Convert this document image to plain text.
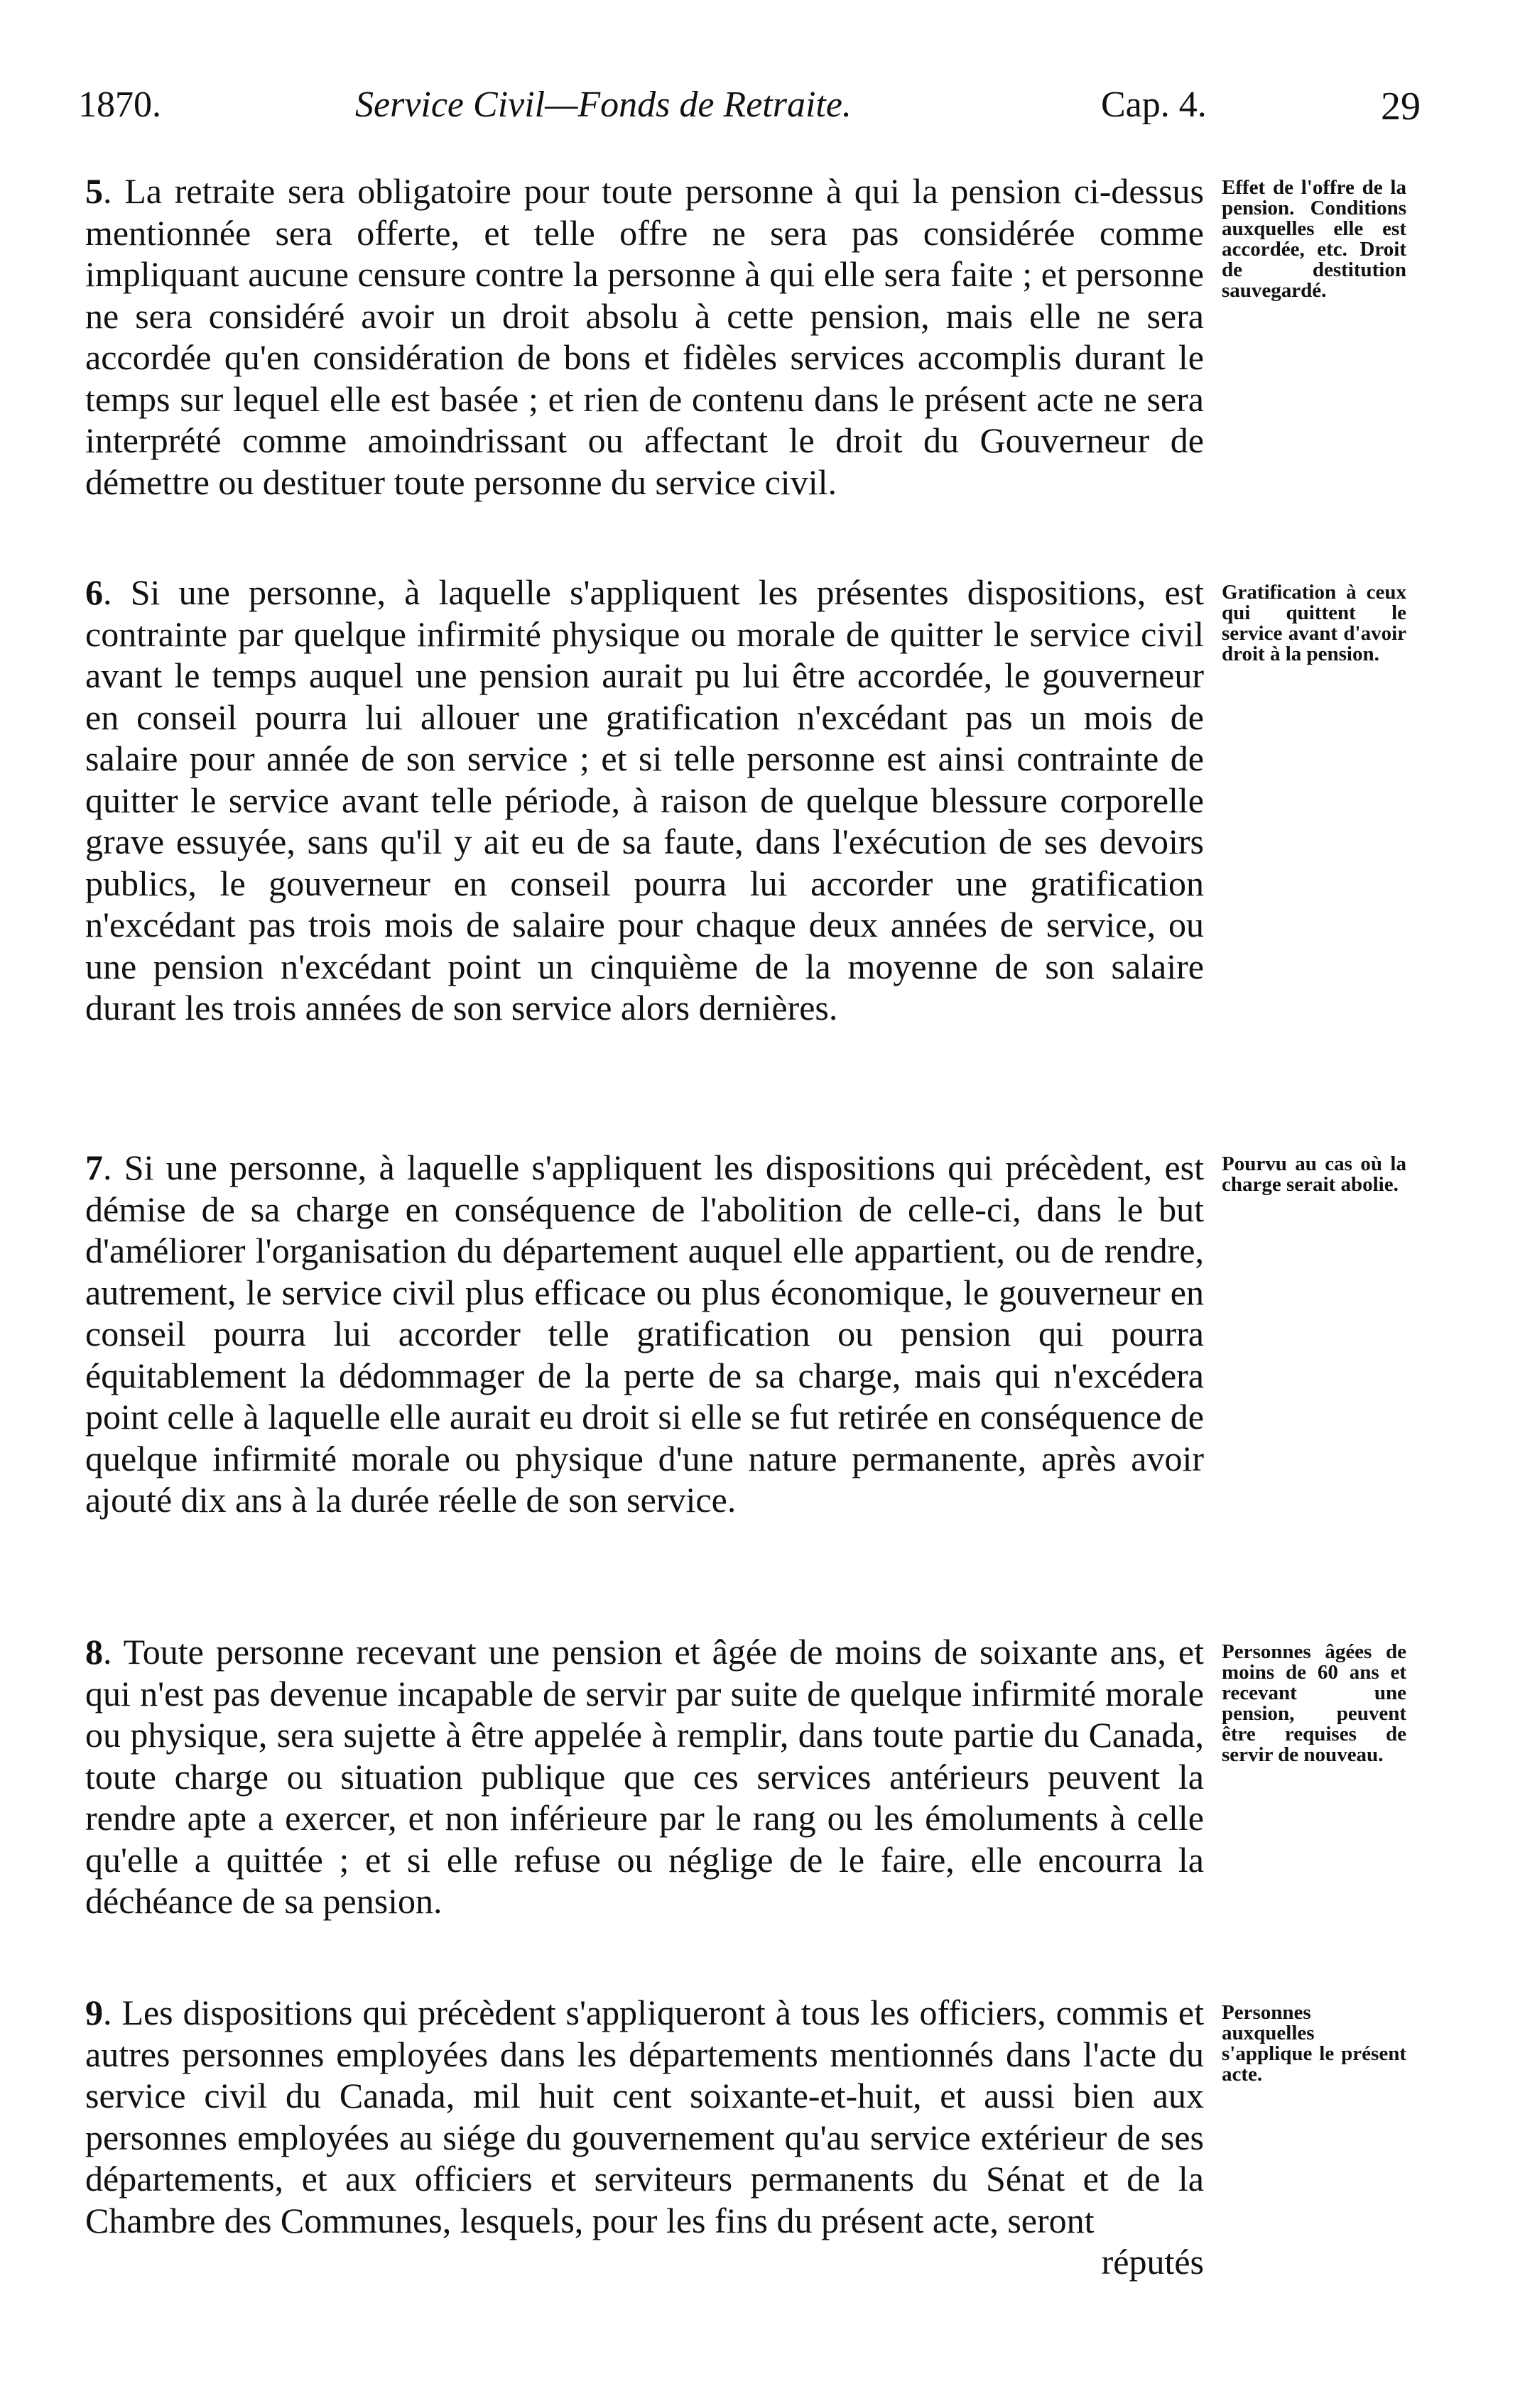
1870.	Service Civil—Fonds de Retraite.	Cap. 4.	29
5. La retraite sera obligatoire pour toute personne à qui la pension ci-dessus mentionnée sera offerte, et telle offre ne sera pas considérée comme impliquant aucune censure contre la personne à qui elle sera faite ; et personne ne sera considéré avoir un droit absolu à cette pension, mais elle ne sera accordée qu'en considération de bons et fidèles services accomplis durant le temps sur lequel elle est basée ; et rien de contenu dans le présent acte ne sera interprété comme amoindrissant ou affectant le droit du Gouverneur de démettre ou destituer toute personne du service civil.
Effet de l'offre de la pension. Conditions auxquelles elle est accordée, etc. Droit de destitution sauvegardé.
6. Si une personne, à laquelle s'appliquent les présentes dispositions, est contrainte par quelque infirmité physique ou morale de quitter le service civil avant le temps auquel une pension aurait pu lui être accordée, le gouverneur en conseil pourra lui allouer une gratification n'excédant pas un mois de salaire pour année de son service ; et si telle personne est ainsi contrainte de quitter le service avant telle période, à raison de quelque blessure corporelle grave essuyée, sans qu'il y ait eu de sa faute, dans l'exécution de ses devoirs publics, le gouverneur en conseil pourra lui accorder une gratification n'excédant pas trois mois de salaire pour chaque deux années de service, ou une pension n'excédant point un cinquième de la moyenne de son salaire durant les trois années de son service alors dernières.
Gratification à ceux qui quittent le service avant d'avoir droit à la pension.
7. Si une personne, à laquelle s'appliquent les dispositions qui précèdent, est démise de sa charge en conséquence de l'abolition de celle-ci, dans le but d'améliorer l'organisation du département auquel elle appartient, ou de rendre, autrement, le service civil plus efficace ou plus économique, le gouverneur en conseil pourra lui accorder telle gratification ou pension qui pourra équitablement la dédommager de la perte de sa charge, mais qui n'excédera point celle à laquelle elle aurait eu droit si elle se fut retirée en conséquence de quelque infirmité morale ou physique d'une nature permanente, après avoir ajouté dix ans à la durée réelle de son service.
Pourvu au cas où la charge serait abolie.
8. Toute personne recevant une pension et âgée de moins de soixante ans, et qui n'est pas devenue incapable de servir par suite de quelque infirmité morale ou physique, sera sujette à être appelée à remplir, dans toute partie du Canada, toute charge ou situation publique que ces services antérieurs peuvent la rendre apte a exercer, et non inférieure par le rang ou les émoluments à celle qu'elle a quittée ; et si elle refuse ou néglige de le faire, elle encourra la déchéance de sa pension.
Personnes âgées de moins de 60 ans et recevant une pension, peuvent être requises de servir de nouveau.
9. Les dispositions qui précèdent s'appliqueront à tous les officiers, commis et autres personnes employées dans les départements mentionnés dans l'acte du service civil du Canada, mil huit cent soixante-et-huit, et aussi bien aux personnes employées au siége du gouvernement qu'au service extérieur de ses départements, et aux officiers et serviteurs permanents du Sénat et de la Chambre des Communes, lesquels, pour les fins du présent acte, seront
réputés
Personnes auxquelles s'applique le présent acte.
